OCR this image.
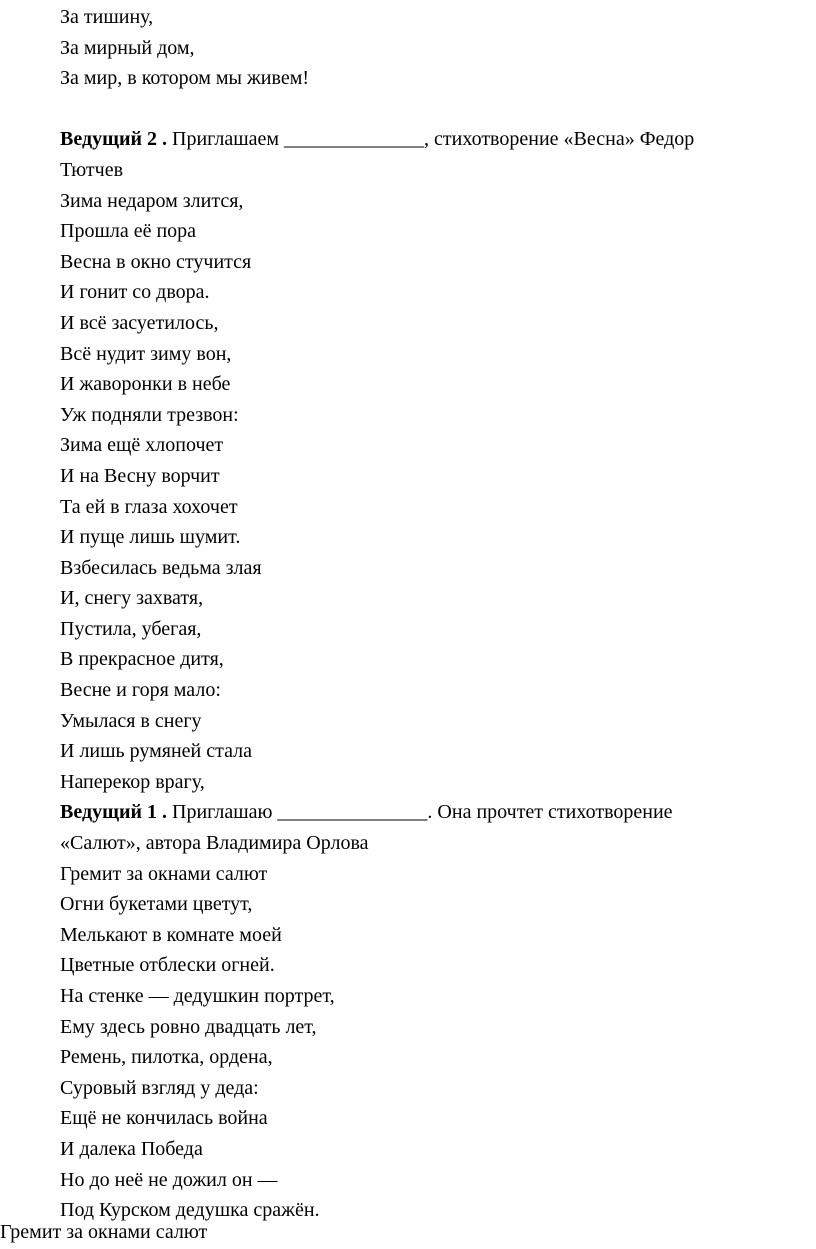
За тишину,
За мирный дом,
За мир, в котором мы живем!
Ведущий 2 . Приглашаем ______________, стихотворение «Весна» Федор
Тютчев
Зима недаром злится,
Прошла её пора
Весна в окно стучится
И гонит со двора.
И всё засуетилось,
Всё нудит зиму вон,
И жаворонки в небе
Уж подняли трезвон:
Зима ещё хлопочет
И на Весну ворчит
Та ей в глаза хохочет
И пуще лишь шумит.
Взбесилась ведьма злая
И, снегу захватя,
Пустила, убегая,
В прекрасное дитя,
Весне и горя мало:
Умылася в снегу
И лишь румяней стала
Наперекор врагу,
Ведущий 1 . Приглашаю _______________. Она прочтет стихотворение
«Салют», автора Владимира Орлова
Гремит за окнами салют
Огни букетами цветут,
Мелькают в комнате моей
Цветные отблески огней.
На стенке — дедушкин портрет,
Ему здесь ровно двадцать лет,
Ремень, пилотка, ордена,
Суровый взгляд у деда:
Ещё не кончилась война
И далека Победа
Но до неё не дожил он —
Под Курском дедушка сражён.
Гремит за окнами салют
